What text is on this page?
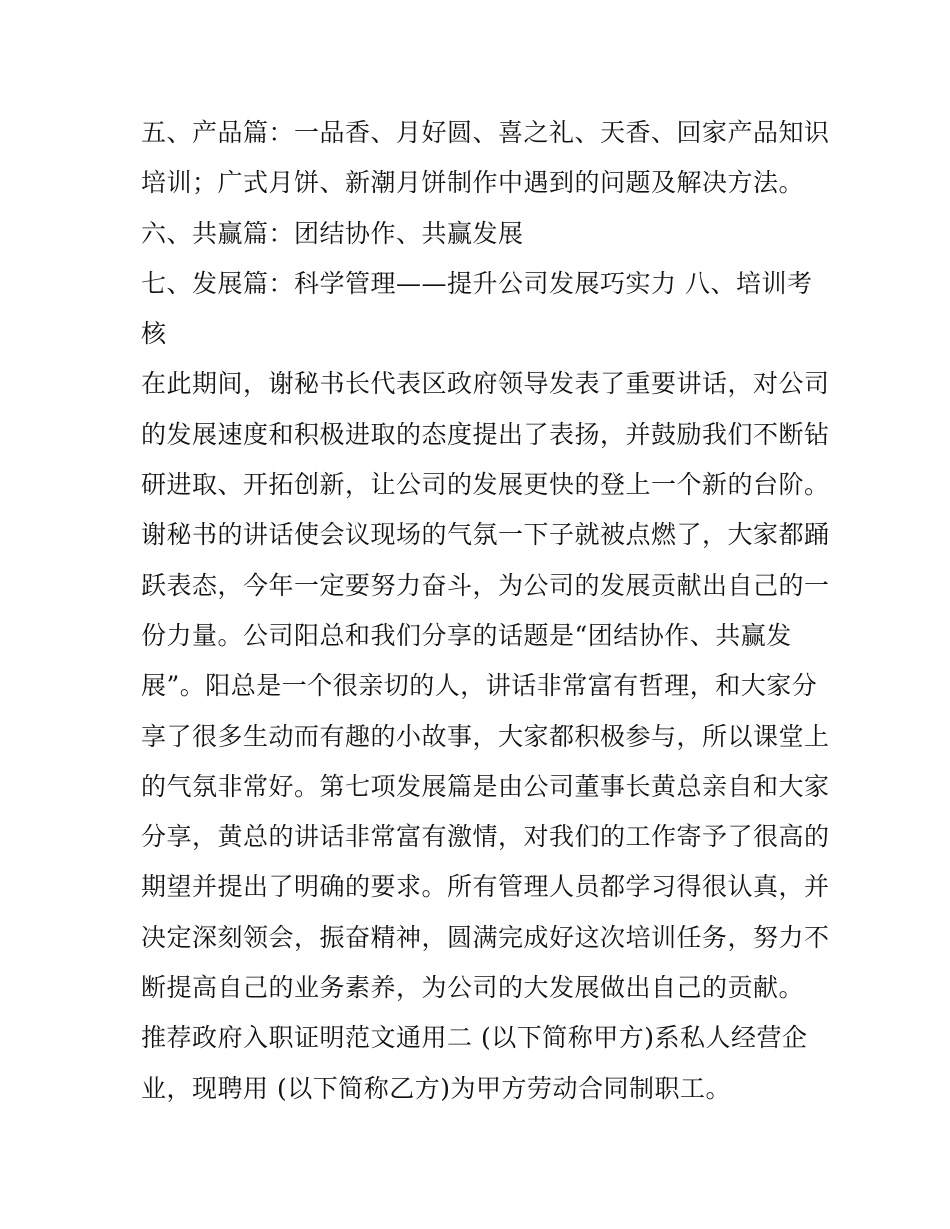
五、产品篇：一品香、月好圆、喜之礼、天香、回家产品知识
培训；广式月饼、新潮月饼制作中遇到的问题及解决方法。
六、共赢篇：团结协作、共赢发展
七、发展篇：科学管理——提升公司发展巧实力 八、培训考
核
在此期间，谢秘书长代表区政府领导发表了重要讲话，对公司
的发展速度和积极进取的态度提出了表扬，并鼓励我们不断钻
研进取、开拓创新，让公司的发展更快的登上一个新的台阶。
谢秘书的讲话使会议现场的气氛一下子就被点燃了，大家都踊
跃表态，今年一定要努力奋斗，为公司的发展贡献出自己的一
份力量。公司阳总和我们分享的话题是“团结协作、共赢发
展”。阳总是一个很亲切的人，讲话非常富有哲理，和大家分
享了很多生动而有趣的小故事，大家都积极参与，所以课堂上
的气氛非常好。第七项发展篇是由公司董事长黄总亲自和大家
分享，黄总的讲话非常富有激情，对我们的工作寄予了很高的
期望并提出了明确的要求。所有管理人员都学习得很认真，并
决定深刻领会，振奋精神，圆满完成好这次培训任务，努力不
断提高自己的业务素养，为公司的大发展做出自己的贡献。
推荐政府入职证明范文通用二 (以下简称甲方)系私人经营企
业，现聘用 (以下简称乙方)为甲方劳动合同制职工。
